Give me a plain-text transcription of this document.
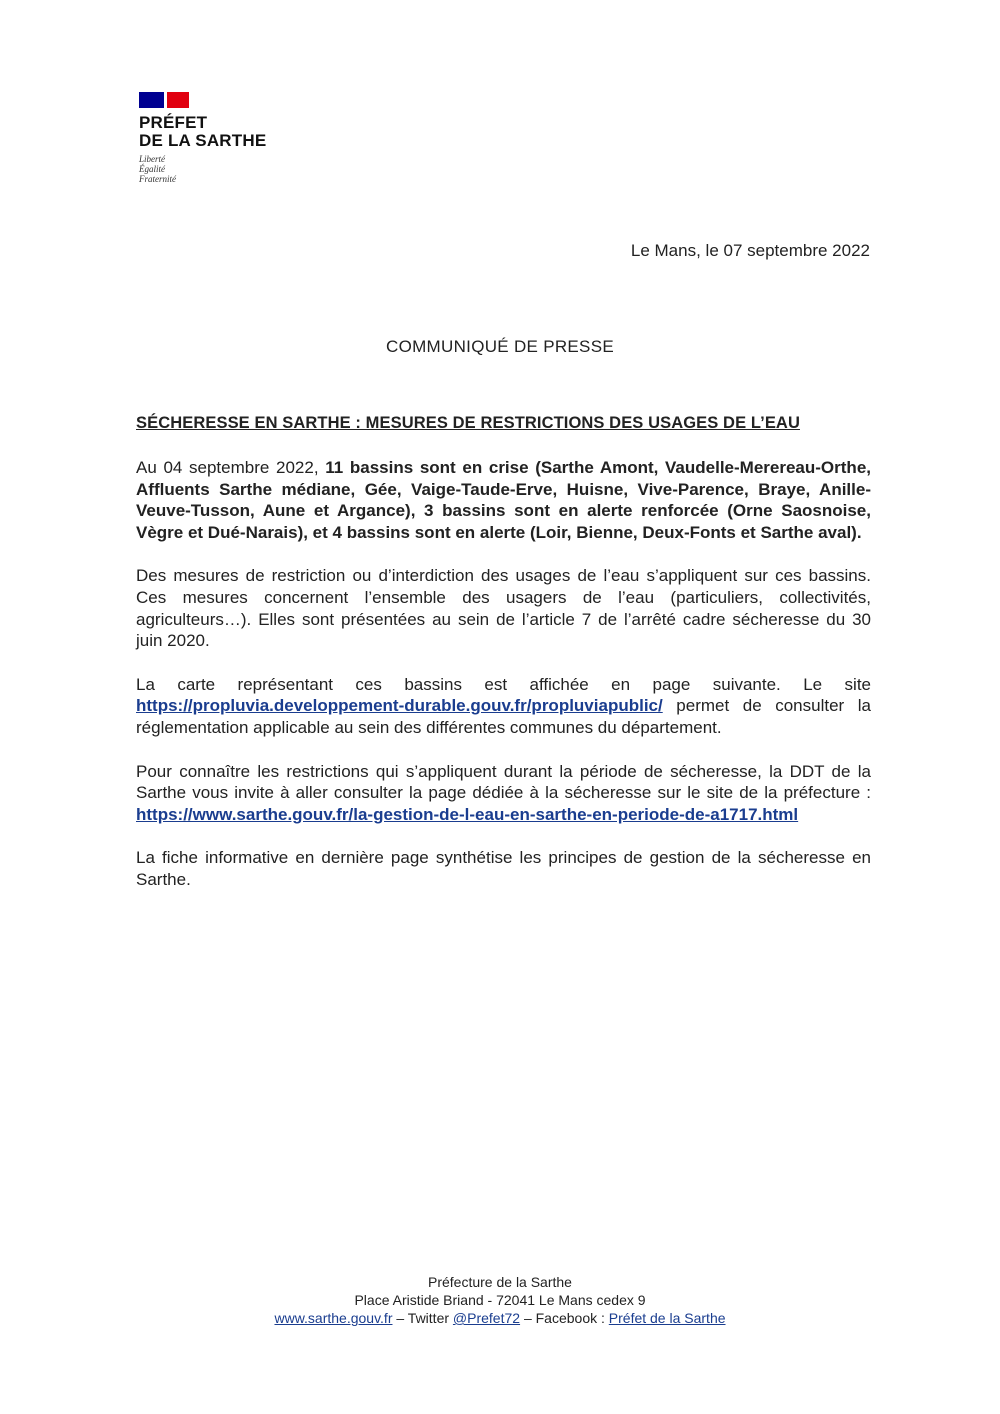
PRÉFET
DE LA SARTHE
Liberté
Égalité
Fraternité
Le Mans, le 07 septembre 2022
COMMUNIQUÉ DE PRESSE
SÉCHERESSE EN SARTHE : MESURES DE RESTRICTIONS DES USAGES DE L’EAU

Au 04 septembre 2022, 11 bassins sont en crise (Sarthe Amont, Vaudelle-Merereau-Orthe, Affluents Sarthe médiane, Gée, Vaige-Taude-Erve, Huisne, Vive-Parence, Braye, Anille-Veuve-Tusson, Aune et Argance), 3 bassins sont en alerte renforcée (Orne Saosnoise, Vègre et Dué-Narais), et 4 bassins sont en alerte (Loir, Bienne, Deux-Fonts et Sarthe aval).

Des mesures de restriction ou d’interdiction des usages de l’eau s’appliquent sur ces bassins. Ces mesures concernent l’ensemble des usagers de l’eau (particuliers, collectivités, agriculteurs…). Elles sont présentées au sein de l’article 7 de l’arrêté cadre sécheresse du 30 juin 2020.

La carte représentant ces bassins est affichée en page suivante. Le site https://propluvia.developpement-durable.gouv.fr/propluviapublic/ permet de consulter la réglementation applicable au sein des différentes communes du département.

Pour connaître les restrictions qui s’appliquent durant la période de sécheresse, la DDT de la Sarthe vous invite à aller consulter la page dédiée à la sécheresse sur le site de la préfecture : https://www.sarthe.gouv.fr/la-gestion-de-l-eau-en-sarthe-en-periode-de-a1717.html

La fiche informative en dernière page synthétise les principes de gestion de la sécheresse en Sarthe.

Préfecture de la Sarthe
Place Aristide Briand - 72041 Le Mans cedex 9
www.sarthe.gouv.fr – Twitter @Prefet72 – Facebook : Préfet de la Sarthe
